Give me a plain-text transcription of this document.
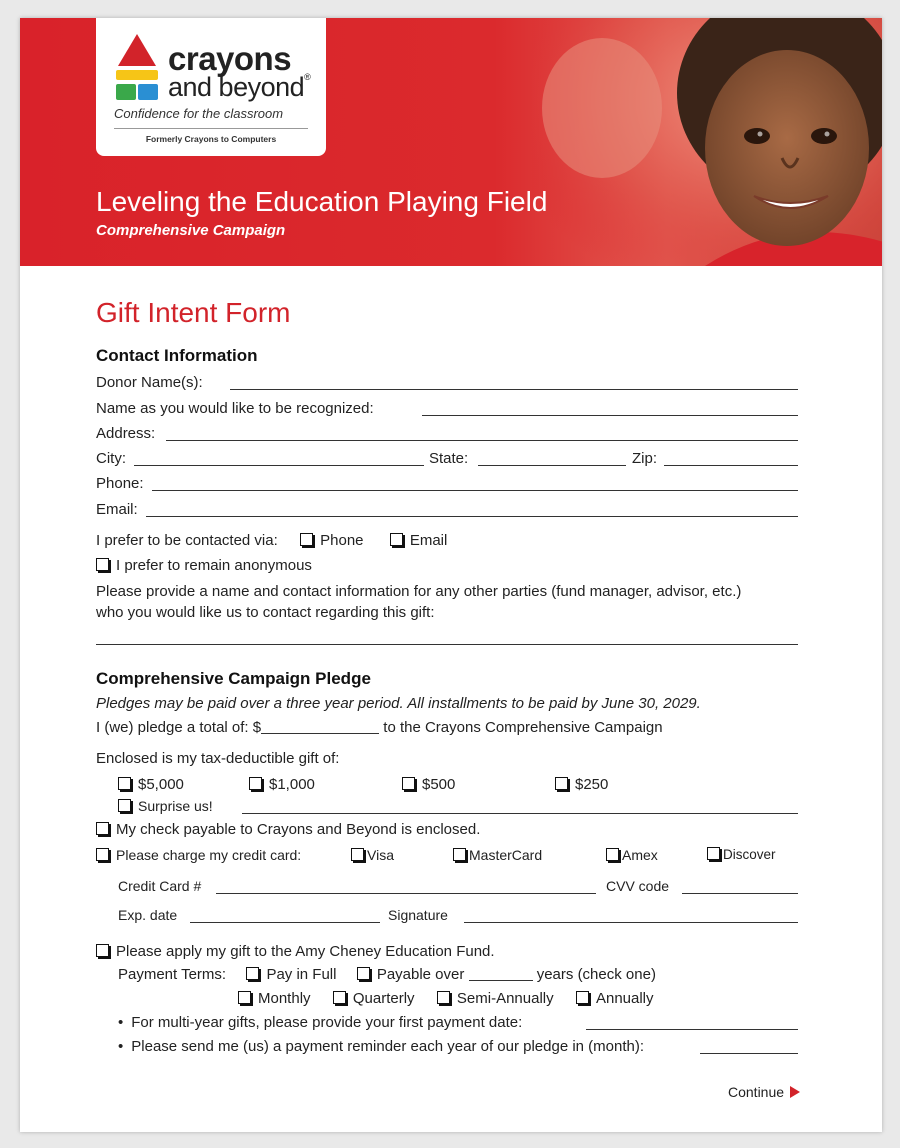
crayons
and beyond®
Confidence for the classroom
Formerly Crayons to Computers
Leveling the Education Playing Field
Comprehensive Campaign
Gift Intent Form
Contact Information
Donor Name(s):
Name as you would like to be recognized:
Address:
City:	State:	Zip:
Phone:
Email:
I prefer to be contacted via:	Phone	Email
I prefer to remain anonymous
Please provide a name and contact information for any other parties (fund manager, advisor, etc.)
who you would like us to contact regarding this gift:
Comprehensive Campaign Pledge
Pledges may be paid over a three year period. All installments to be paid by June 30, 2029.
I (we) pledge a total of: $	to the Crayons Comprehensive Campaign
Enclosed is my tax-deductible gift of:
$5,000	$1,000	$500	$250
Surprise us!
My check payable to Crayons and Beyond is enclosed.
Please charge my credit card:	Visa	MasterCard	Amex	Discover
Credit Card #	CVV code
Exp. date	Signature
Please apply my gift to the Amy Cheney Education Fund.
Payment Terms:	Pay in Full	Payable over	years (check one)
Monthly	Quarterly	Semi-Annually	Annually
• For multi-year gifts, please provide your first payment date:
• Please send me (us) a payment reminder each year of our pledge in (month):
Continue
